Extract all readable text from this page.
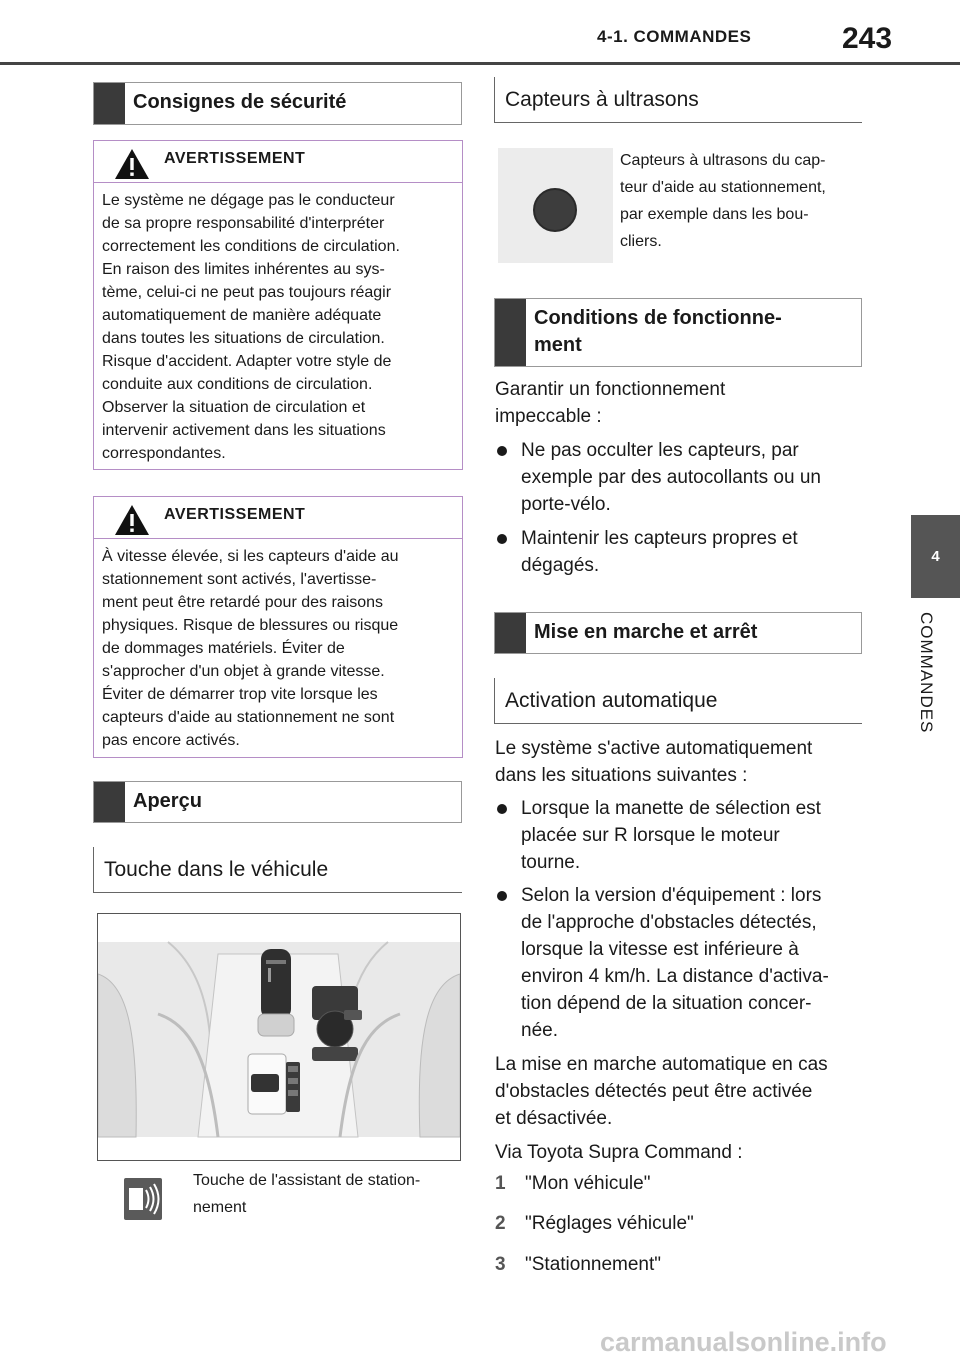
4-1. COMMANDES	243
4
COMMANDES
Consignes de sécurité
AVERTISSEMENT
Le système ne dégage pas le conducteur
de sa propre responsabilité d'interpréter
correctement les conditions de circulation.
En raison des limites inhérentes au sys-
tème, celui-ci ne peut pas toujours réagir
automatiquement de manière adéquate
dans toutes les situations de circulation.
Risque d'accident. Adapter votre style de
conduite aux conditions de circulation.
Observer la situation de circulation et
intervenir activement dans les situations
correspondantes.
AVERTISSEMENT
À vitesse élevée, si les capteurs d'aide au
stationnement sont activés, l'avertisse-
ment peut être retardé pour des raisons
physiques. Risque de blessures ou risque
de dommages matériels. Éviter de
s'approcher d'un objet à grande vitesse.
Éviter de démarrer trop vite lorsque les
capteurs d'aide au stationnement ne sont
pas encore activés.
Aperçu
Touche dans le véhicule
Touche de l'assistant de station-
nement
Capteurs à ultrasons
Capteurs à ultrasons du cap-
teur d'aide au stationnement,
par exemple dans les bou-
cliers.
Conditions de fonctionne-
ment
Garantir un fonctionnement
impeccable :
Ne pas occulter les capteurs, par
exemple par des autocollants ou un
porte-vélo.
Maintenir les capteurs propres et
dégagés.
Mise en marche et arrêt
Activation automatique
Le système s'active automatiquement
dans les situations suivantes :
Lorsque la manette de sélection est
placée sur R lorsque le moteur
tourne.
Selon la version d'équipement : lors
de l'approche d'obstacles détectés,
lorsque la vitesse est inférieure à
environ 4 km/h. La distance d'activa-
tion dépend de la situation concer-
née.
La mise en marche automatique en cas
d'obstacles détectés peut être activée
et désactivée.
Via Toyota Supra Command :
1 "Mon véhicule"
2 "Réglages véhicule"
3 "Stationnement"
carmanualsonline.info
